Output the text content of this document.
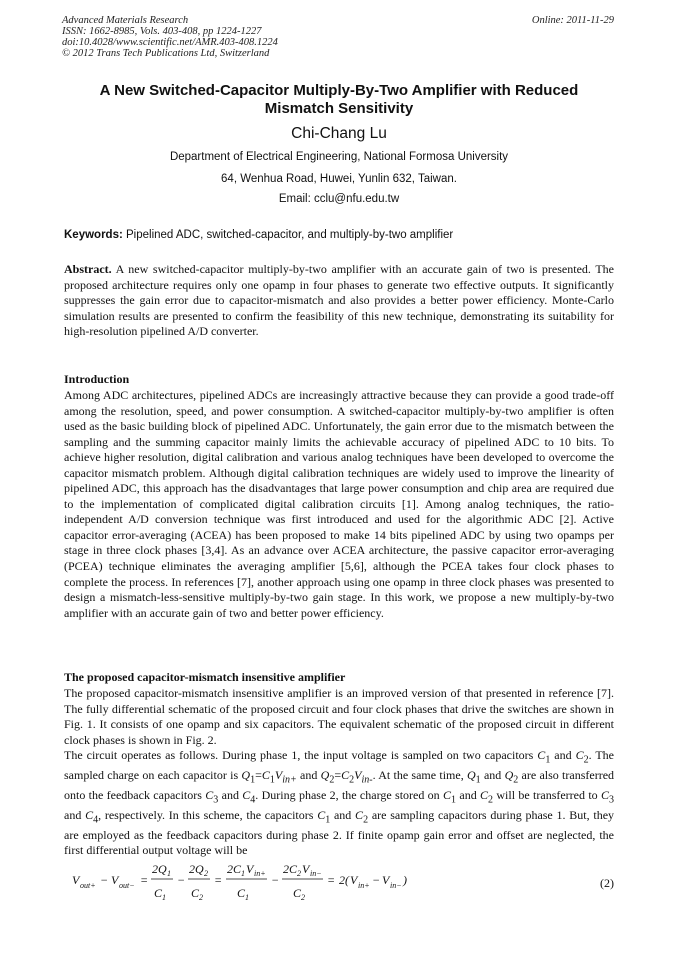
Advanced Materials Research
ISSN: 1662-8985, Vols. 403-408, pp 1224-1227
doi:10.4028/www.scientific.net/AMR.403-408.1224
© 2012 Trans Tech Publications Ltd, Switzerland
Online: 2011-11-29
A New Switched-Capacitor Multiply-By-Two Amplifier with Reduced
Mismatch Sensitivity
Chi-Chang Lu
Department of Electrical Engineering, National Formosa University
64, Wenhua Road, Huwei, Yunlin 632, Taiwan.
Email: cclu@nfu.edu.tw
Keywords: Pipelined ADC, switched-capacitor, and multiply-by-two amplifier
Abstract. A new switched-capacitor multiply-by-two amplifier with an accurate gain of two is presented. The proposed architecture requires only one opamp in four phases to generate two effective outputs. It significantly suppresses the gain error due to capacitor-mismatch and also provides a better power efficiency. Monte-Carlo simulation results are presented to confirm the feasibility of this new technique, demonstrating its suitability for high-resolution pipelined A/D converter.
Introduction
Among ADC architectures, pipelined ADCs are increasingly attractive because they can provide a good trade-off among the resolution, speed, and power consumption. A switched-capacitor multiply-by-two amplifier is often used as the basic building block of pipelined ADC. Unfortunately, the gain error due to the mismatch between the sampling and the summing capacitor mainly limits the achievable accuracy of pipelined ADC to 10 bits. To achieve higher resolution, digital calibration and various analog techniques have been developed to overcome the capacitor mismatch problem. Although digital calibration techniques are widely used to improve the linearity of pipelined ADC, this approach has the disadvantages that large power consumption and chip area are required due to the implementation of complicated digital calibration circuits [1]. Among analog techniques, the ratio-independent A/D conversion technique was first introduced and used for the algorithmic ADC [2]. Active capacitor error-averaging (ACEA) has been proposed to make 14 bits pipelined ADC by using two opamps per stage in three clock phases [3,4]. As an advance over ACEA architecture, the passive capacitor error-averaging (PCEA) technique eliminates the averaging amplifier [5,6], although the PCEA takes four clock phases to complete the process. In references [7], another approach using one opamp in three clock phases was presented to design a mismatch-less-sensitive multiply-by-two gain stage. In this work, we propose a new multiply-by-two amplifier with an accurate gain of two and better power efficiency.
The proposed capacitor-mismatch insensitive amplifier
The proposed capacitor-mismatch insensitive amplifier is an improved version of that presented in reference [7]. The fully differential schematic of the proposed circuit and four clock phases that drive the switches are shown in Fig. 1. It consists of one opamp and six capacitors. The equivalent schematic of the proposed circuit in different clock phases is shown in Fig. 2.
The circuit operates as follows. During phase 1, the input voltage is sampled on two capacitors $C_1$ and $C_2$. The sampled charge on each capacitor is $Q_1=C_1V_{in+}$ and $Q_2=C_2V_{in-}$. At the same time, $Q_1$ and $Q_2$ are also transferred onto the feedback capacitors $C_3$ and $C_4$. During phase 2, the charge stored on $C_1$ and $C_2$ will be transferred to $C_3$ and $C_4$, respectively. In this scheme, the capacitors $C_1$ and $C_2$ are sampling capacitors during phase 1. But, they are employed as the feedback capacitors during phase 2. If finite opamp gain error and offset are neglected, the first differential output voltage will be
V out+ − V out− =
2 Q 1
C 1
−
2 Q 2
C 2
=
2 C 1 V in+
C 1
−
2 C 2 V in−
C 2
= 2( V in+ − V in− )	(2)
